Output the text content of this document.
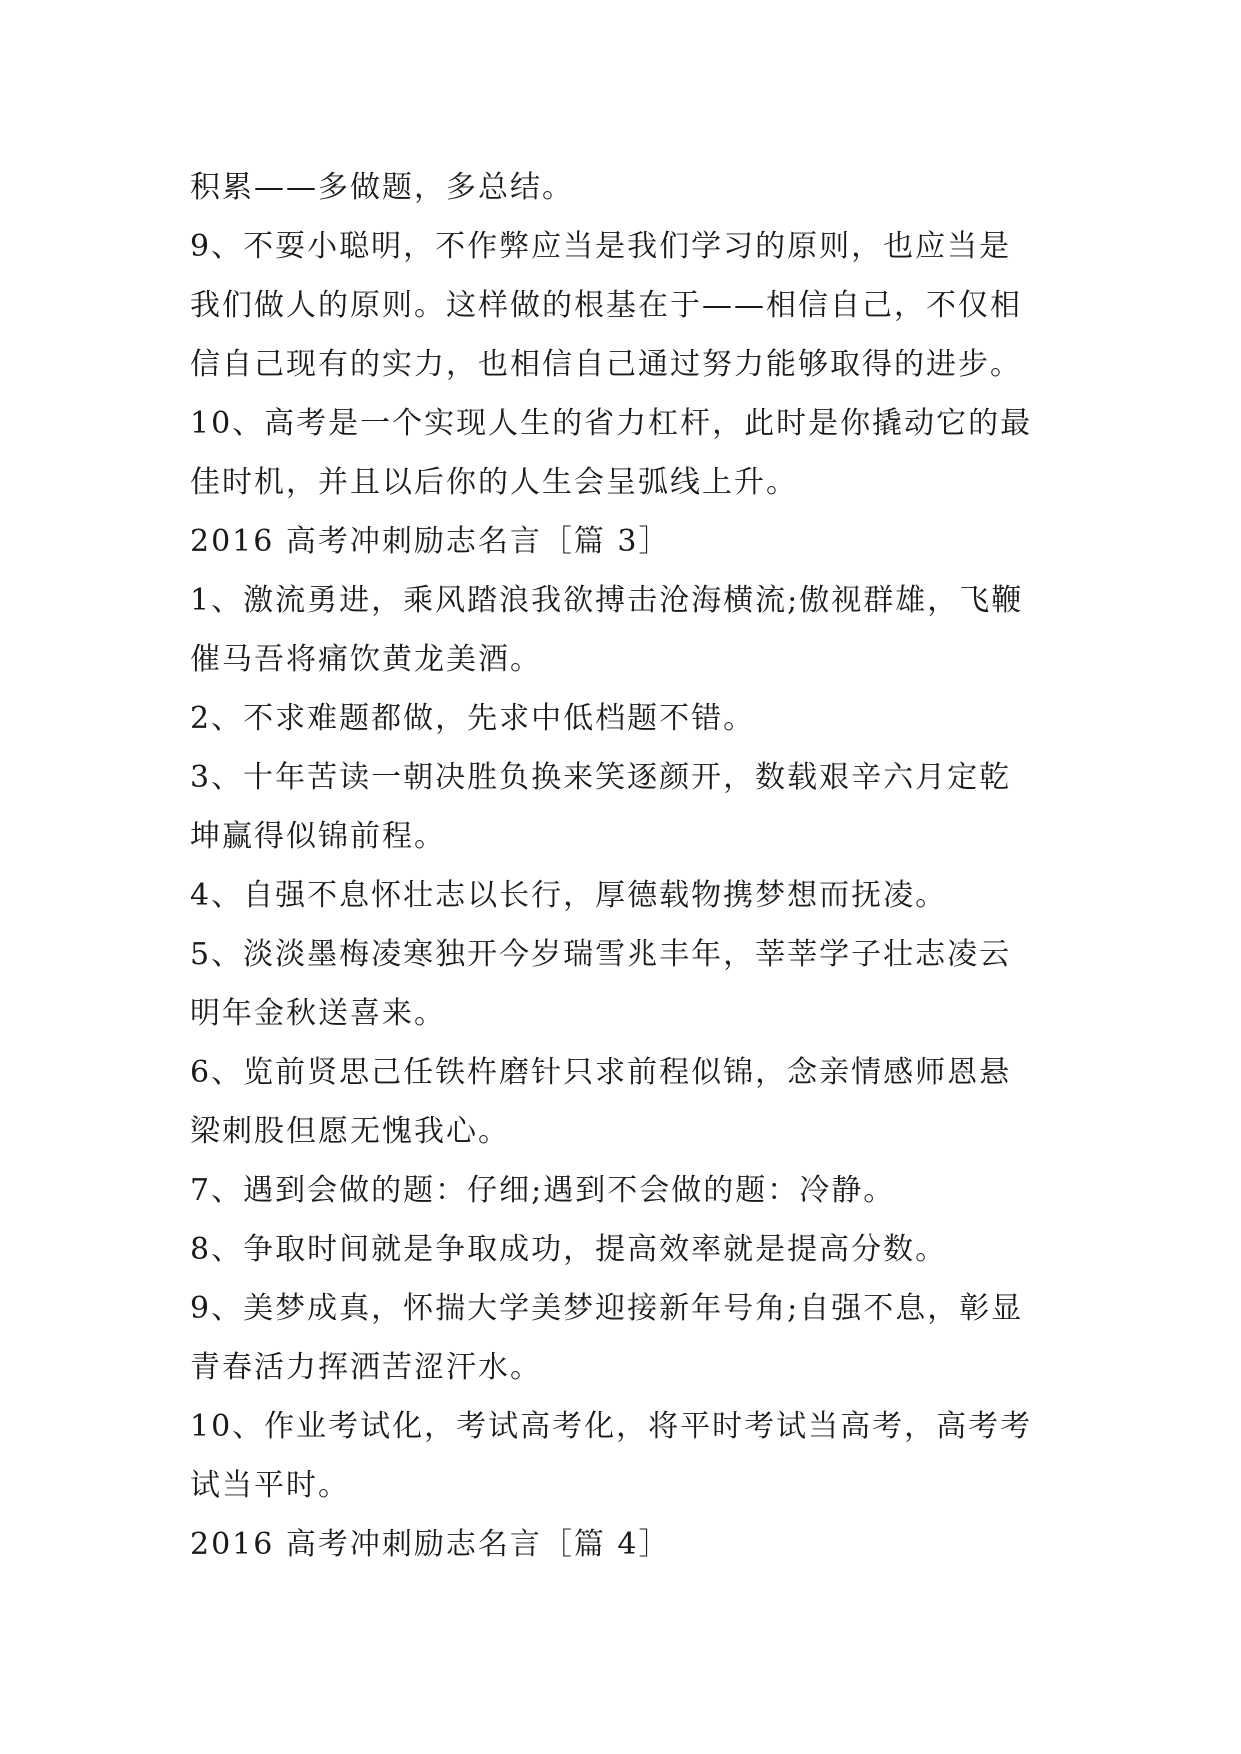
积累——多做题，多总结。
9、不耍小聪明，不作弊应当是我们学习的原则，也应当是
我们做人的原则。这样做的根基在于——相信自己，不仅相
信自己现有的实力，也相信自己通过努力能够取得的进步。
10、高考是一个实现人生的省力杠杆，此时是你撬动它的最
佳时机，并且以后你的人生会呈弧线上升。
2016 高考冲刺励志名言［篇 3］
1、激流勇进，乘风踏浪我欲搏击沧海横流;傲视群雄，飞鞭
催马吾将痛饮黄龙美酒。
2、不求难题都做，先求中低档题不错。
3、十年苦读一朝决胜负换来笑逐颜开，数载艰辛六月定乾
坤赢得似锦前程。
4、自强不息怀壮志以长行，厚德载物携梦想而抚凌。
5、淡淡墨梅凌寒独开今岁瑞雪兆丰年，莘莘学子壮志凌云
明年金秋送喜来。
6、览前贤思己任铁杵磨针只求前程似锦，念亲情感师恩悬
梁刺股但愿无愧我心。
7、遇到会做的题：仔细;遇到不会做的题：冷静。
8、争取时间就是争取成功，提高效率就是提高分数。
9、美梦成真，怀揣大学美梦迎接新年号角;自强不息，彰显
青春活力挥洒苦涩汗水。
10、作业考试化，考试高考化，将平时考试当高考，高考考
试当平时。
2016 高考冲刺励志名言［篇 4］
